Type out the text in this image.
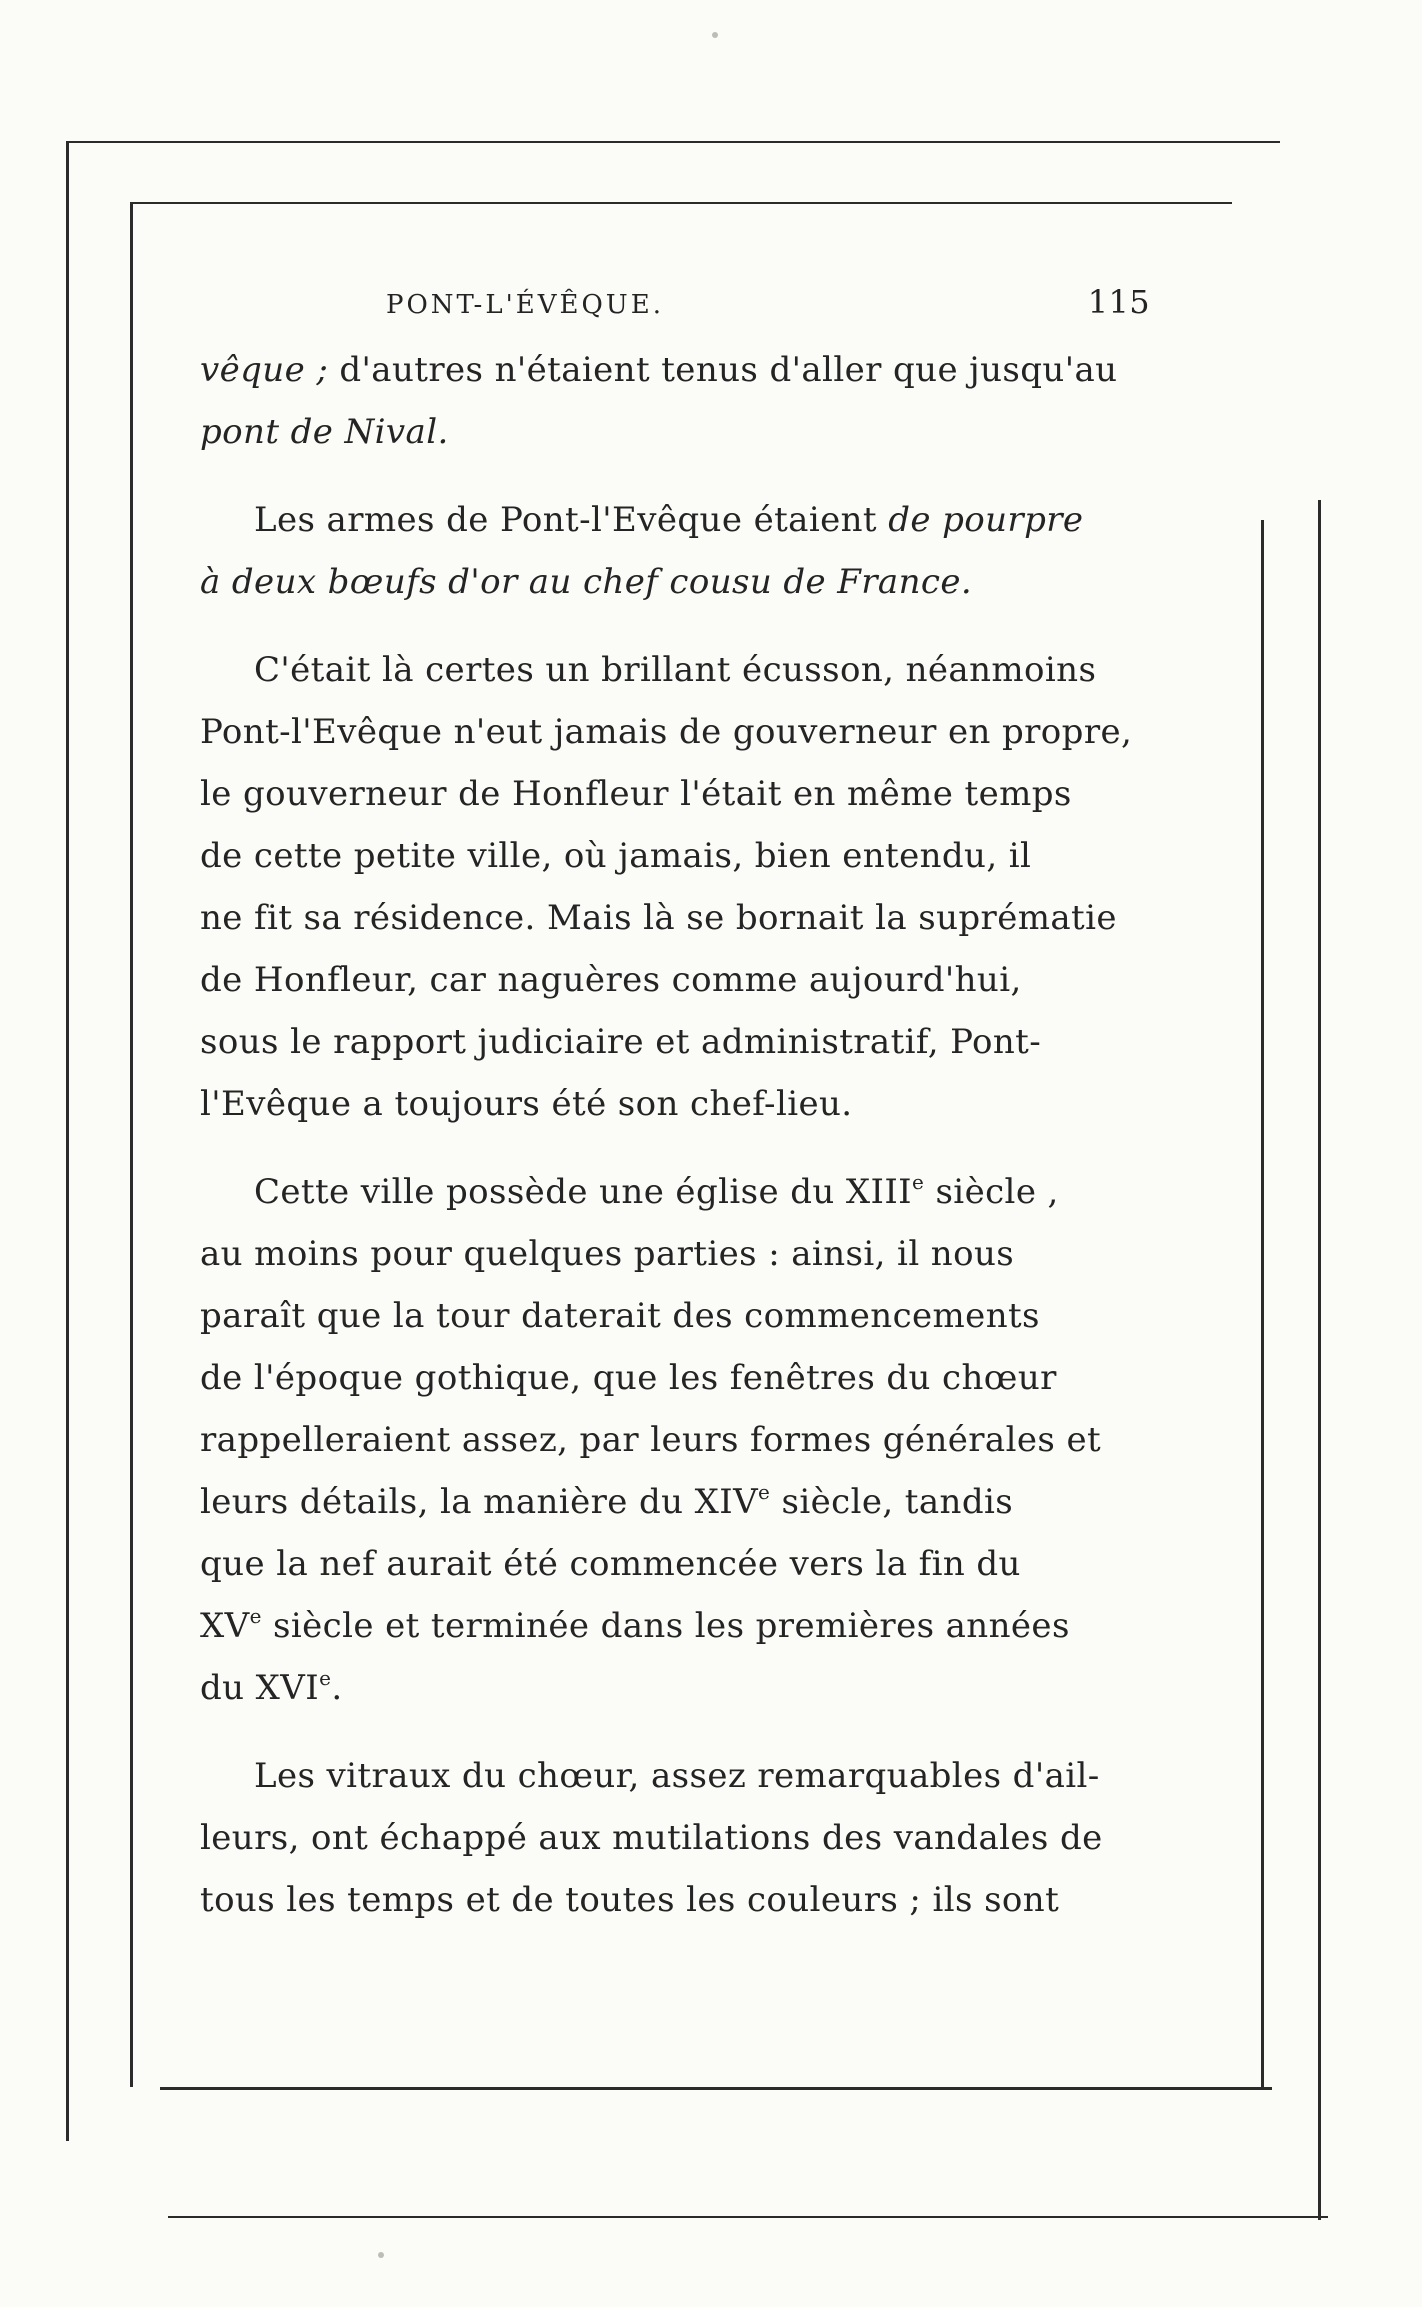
PONT-L'ÉVÊQUE.	115
vêque ; d'autres n'étaient tenus d'aller que jusqu'au
pont de Nival.
Les armes de Pont-l'Evêque étaient de pourpre
à deux bœufs d'or au chef cousu de France.
C'était là certes un brillant écusson, néanmoins
Pont-l'Evêque n'eut jamais de gouverneur en propre,
le gouverneur de Honfleur l'était en même temps
de cette petite ville, où jamais, bien entendu, il
ne fit sa résidence. Mais là se bornait la suprématie
de Honfleur, car naguères comme aujourd'hui,
sous le rapport judiciaire et administratif, Pont-
l'Evêque a toujours été son chef-lieu.
Cette ville possède une église du XIIIe siècle ,
au moins pour quelques parties : ainsi, il nous
paraît que la tour daterait des commencements
de l'époque gothique, que les fenêtres du chœur
rappelleraient assez, par leurs formes générales et
leurs détails, la manière du XIVe siècle, tandis
que la nef aurait été commencée vers la fin du
XVe siècle et terminée dans les premières années
du XVIe.
Les vitraux du chœur, assez remarquables d'ail-
leurs, ont échappé aux mutilations des vandales de
tous les temps et de toutes les couleurs ; ils sont
